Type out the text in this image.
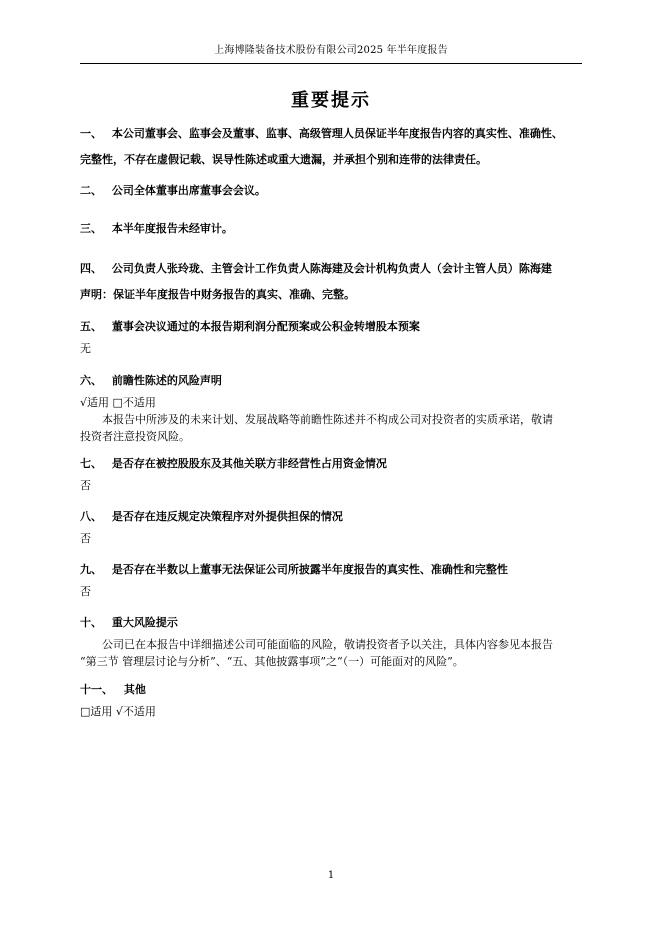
上海博隆装备技术股份有限公司2025 年半年度报告
重要提示
一、 本公司董事会、监事会及董事、监事、高级管理人员保证半年度报告内容的真实性、准确性、
完整性，不存在虚假记载、误导性陈述或重大遗漏，并承担个别和连带的法律责任。
二、 公司全体董事出席董事会会议。
三、 本半年度报告未经审计。
四、 公司负责人张玲珑、主管会计工作负责人陈海建及会计机构负责人（会计主管人员）陈海建
声明：保证半年度报告中财务报告的真实、准确、完整。
五、 董事会决议通过的本报告期利润分配预案或公积金转增股本预案
无
六、 前瞻性陈述的风险声明
√适用 □不适用
本报告中所涉及的未来计划、发展战略等前瞻性陈述并不构成公司对投资者的实质承诺，敬请
投资者注意投资风险。
七、 是否存在被控股股东及其他关联方非经营性占用资金情况
否
八、 是否存在违反规定决策程序对外提供担保的情况
否
九、 是否存在半数以上董事无法保证公司所披露半年度报告的真实性、准确性和完整性
否
十、 重大风险提示
公司已在本报告中详细描述公司可能面临的风险，敬请投资者予以关注，具体内容参见本报告
“第三节 管理层讨论与分析”、“五、其他披露事项”之“（一）可能面对的风险”。
十一、 其他
□适用 √不适用
1
